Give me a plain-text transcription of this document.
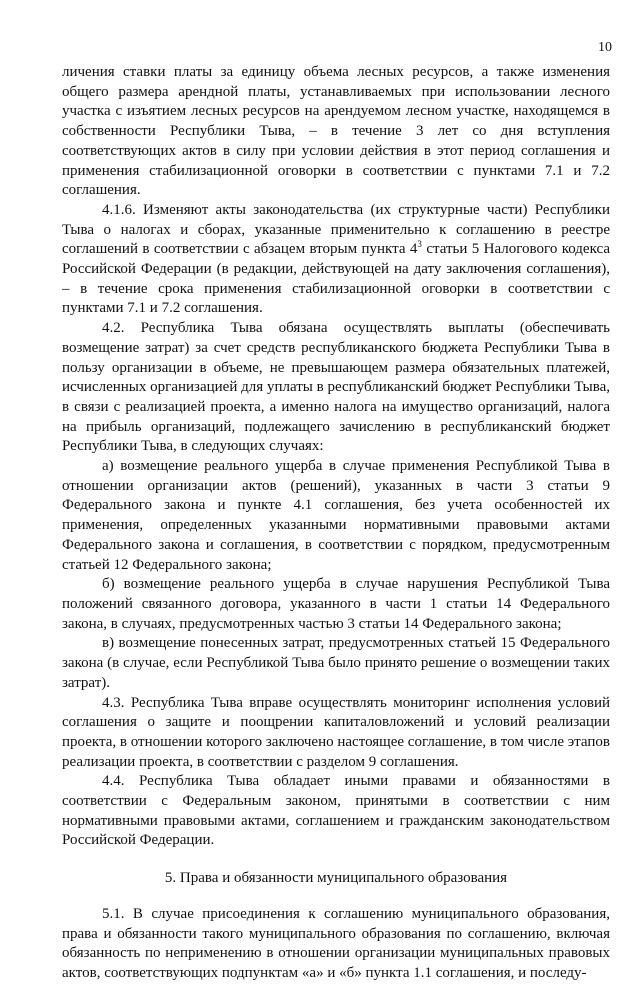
10

личения ставки платы за единицу объема лесных ресурсов, а также изменения общего размера арендной платы, устанавливаемых при использовании лесного участка с изъятием лесных ресурсов на арендуемом лесном участке, находящемся в собственности Республики Тыва, – в течение 3 лет со дня вступления соответствующих актов в силу при условии действия в этот период соглашения и применения стабилизационной оговорки в соответствии с пунктами 7.1 и 7.2 соглашения.

4.1.6. Изменяют акты законодательства (их структурные части) Республики Тыва о налогах и сборах, указанные применительно к соглашению в реестре соглашений в соответствии с абзацем вторым пункта $4^3$ статьи 5 Налогового кодекса Российской Федерации (в редакции, действующей на дату заключения соглашения), – в течение срока применения стабилизационной оговорки в соответствии с пунктами 7.1 и 7.2 соглашения.

4.2. Республика Тыва обязана осуществлять выплаты (обеспечивать возмещение затрат) за счет средств республиканского бюджета Республики Тыва в пользу организации в объеме, не превышающем размера обязательных платежей, исчисленных организацией для уплаты в республиканский бюджет Республики Тыва, в связи с реализацией проекта, а именно налога на имущество организаций, налога на прибыль организаций, подлежащего зачислению в республиканский бюджет Республики Тыва, в следующих случаях:

а) возмещение реального ущерба в случае применения Республикой Тыва в отношении организации актов (решений), указанных в части 3 статьи 9 Федерального закона и пункте 4.1 соглашения, без учета особенностей их применения, определенных указанными нормативными правовыми актами Федерального закона и соглашения, в соответствии с порядком, предусмотренным статьей 12 Федерального закона;

б) возмещение реального ущерба в случае нарушения Республикой Тыва положений связанного договора, указанного в части 1 статьи 14 Федерального закона, в случаях, предусмотренных частью 3 статьи 14 Федерального закона;

в) возмещение понесенных затрат, предусмотренных статьей 15 Федерального закона (в случае, если Республикой Тыва было принято решение о возмещении таких затрат).

4.3. Республика Тыва вправе осуществлять мониторинг исполнения условий соглашения о защите и поощрении капиталовложений и условий реализации проекта, в отношении которого заключено настоящее соглашение, в том числе этапов реализации проекта, в соответствии с разделом 9 соглашения.

4.4. Республика Тыва обладает иными правами и обязанностями в соответствии с Федеральным законом, принятыми в соответствии с ним нормативными правовыми актами, соглашением и гражданским законодательством Российской Федерации.

5. Права и обязанности муниципального образования

5.1. В случае присоединения к соглашению муниципального образования, права и обязанности такого муниципального образования по соглашению, включая обязанность по неприменению в отношении организации муниципальных правовых актов, соответствующих подпунктам «а» и «б» пункта 1.1 соглашения, и последу-
